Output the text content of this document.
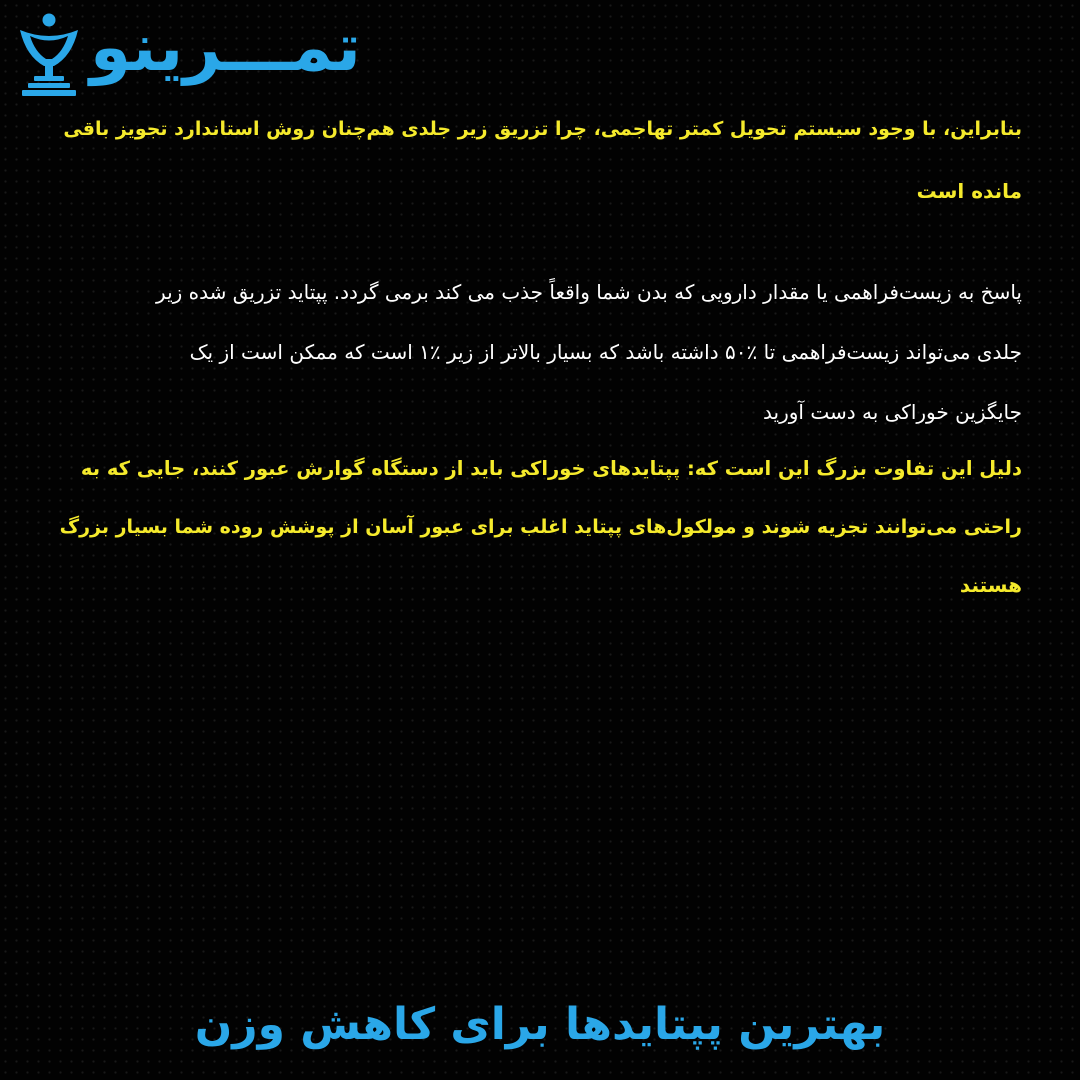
تمـــرینو
بنابراین، با وجود سیستم تحویل کمتر تهاجمی، چرا تزریق زیر جلدی هم‌چنان روش استاندارد تجویز باقی
مانده است
پاسخ به زیست‌فراهمی یا مقدار دارویی که بدن شما واقعاً جذب می کند برمی گردد. پپتاید تزریق شده زیر
جلدی می‌تواند زیست‌فراهمی تا ٪۵۰ داشته باشد که بسیار بالاتر از زیر ٪۱ است که ممکن است از یک
جایگزین خوراکی به دست آورید
دلیل این تفاوت بزرگ این است که: پپتایدهای خوراکی باید از دستگاه گوارش عبور کنند، جایی که به
راحتی می‌توانند تجزیه شوند و مولکول‌های پپتاید اغلب برای عبور آسان از پوشش روده شما بسیار بزرگ
هستند
بهترین پپتایدها برای کاهش وزن
